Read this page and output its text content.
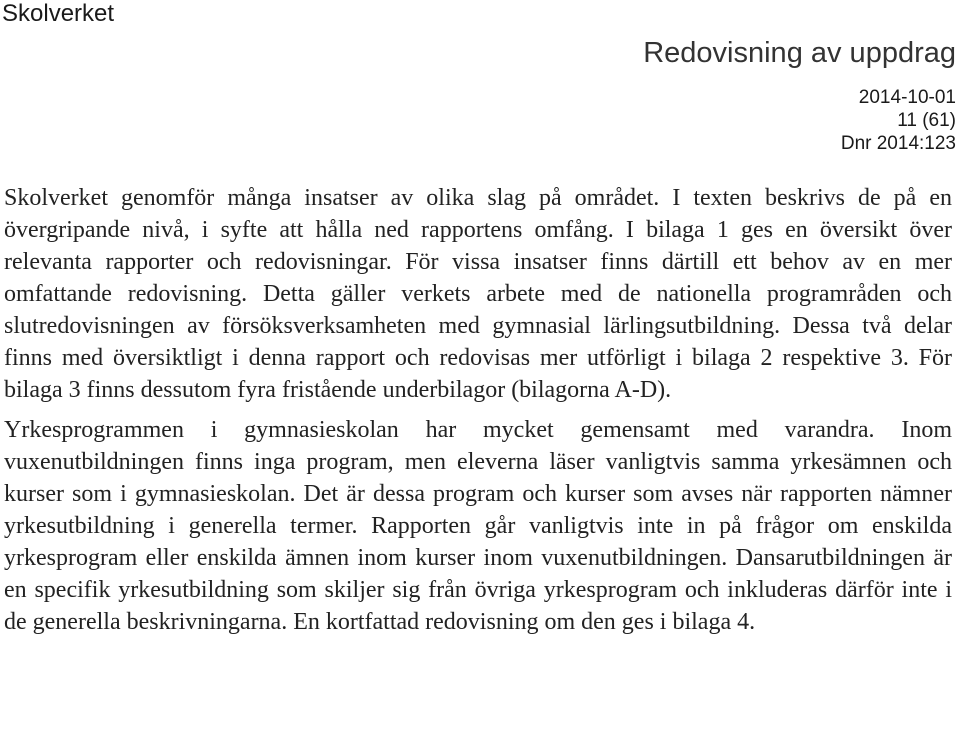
Skolverket
Redovisning av uppdrag
2014-10-01
11 (61)
Dnr 2014:123

Skolverket genomför många insatser av olika slag på området. I texten beskrivs de på en övergripande nivå, i syfte att hålla ned rapportens omfång. I bilaga 1 ges en översikt över relevanta rapporter och redovisningar. För vissa insatser finns därtill ett behov av en mer omfattande redovisning. Detta gäller verkets arbete med de nationella programråden och slutredovisningen av försöksverksamheten med gymnasial lärlingsutbildning. Dessa två delar finns med översiktligt i denna rapport och redovisas mer utförligt i bilaga 2 respektive 3. För bilaga 3 finns dessutom fyra fristående underbilagor (bilagorna A-D).

Yrkesprogrammen i gymnasieskolan har mycket gemensamt med varandra. Inom vuxenutbildningen finns inga program, men eleverna läser vanligtvis samma yrkesämnen och kurser som i gymnasieskolan. Det är dessa program och kurser som avses när rapporten nämner yrkesutbildning i generella termer. Rapporten går vanligtvis inte in på frågor om enskilda yrkesprogram eller enskilda ämnen inom kurser inom vuxenutbildningen. Dansarutbildningen är en specifik yrkesutbildning som skiljer sig från övriga yrkesprogram och inkluderas därför inte i de generella beskrivningarna. En kortfattad redovisning om den ges i bilaga 4.
